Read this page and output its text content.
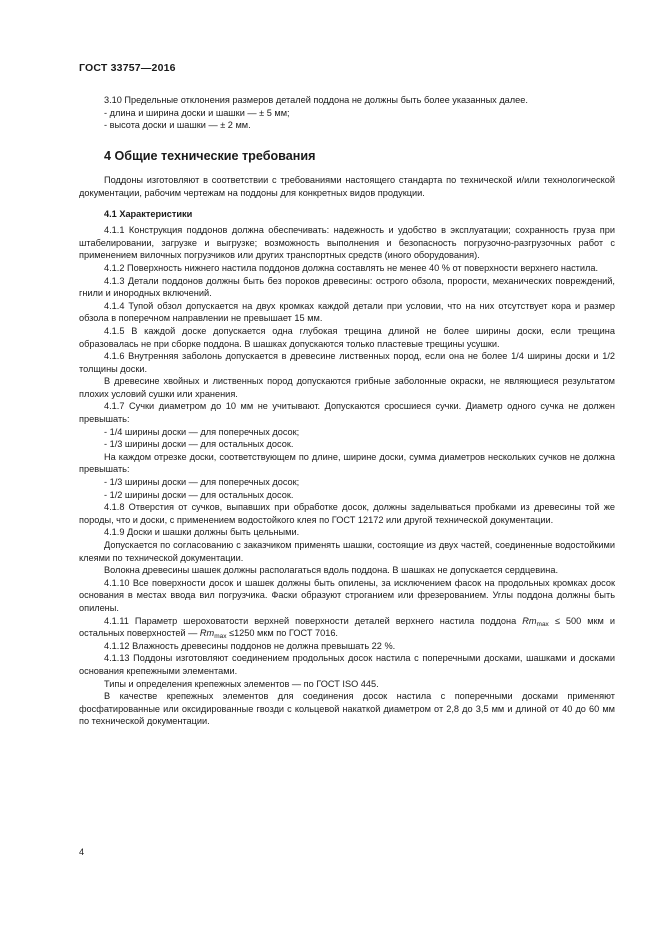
ГОСТ 33757—2016

3.10 Предельные отклонения размеров деталей поддона не должны быть более указанных далее.

- длина и ширина доски и шашки — ± 5 мм;

- высота доски и шашки — ± 2 мм.

4 Общие технические требования

Поддоны изготовляют в соответствии с требованиями настоящего стандарта по технической и/или технологической документации, рабочим чертежам на поддоны для конкретных видов продукции.

4.1 Характеристики

4.1.1 Конструкция поддонов должна обеспечивать: надежность и удобство в эксплуатации; сохранность груза при штабелировании, загрузке и выгрузке; возможность выполнения и безопасность погрузочно-разгрузочных работ с применением вилочных погрузчиков или других транспортных средств (иного оборудования).

4.1.2 Поверхность нижнего настила поддонов должна составлять не менее 40 % от поверхности верхнего настила.

4.1.3 Детали поддонов должны быть без пороков древесины: острого обзола, прорости, механических повреждений, гнили и инородных включений.

4.1.4 Тупой обзол допускается на двух кромках каждой детали при условии, что на них отсутствует кора и размер обзола в поперечном направлении не превышает 15 мм.

4.1.5 В каждой доске допускается одна глубокая трещина длиной не более ширины доски, если трещина образовалась не при сборке поддона. В шашках допускаются только пластевые трещины усушки.

4.1.6 Внутренняя заболонь допускается в древесине лиственных пород, если она не более 1/4 ширины доски и 1/2 толщины доски.

В древесине хвойных и лиственных пород допускаются грибные заболонные окраски, не являющиеся результатом плохих условий сушки или хранения.

4.1.7 Сучки диаметром до 10 мм не учитывают. Допускаются сросшиеся сучки. Диаметр одного сучка не должен превышать:

- 1/4 ширины доски — для поперечных досок;

- 1/3 ширины доски — для остальных досок.

На каждом отрезке доски, соответствующем по длине, ширине доски, сумма диаметров нескольких сучков не должна превышать:

- 1/3 ширины доски — для поперечных досок;

- 1/2 ширины доски — для остальных досок.

4.1.8 Отверстия от сучков, выпавших при обработке досок, должны заделываться пробками из древесины той же породы, что и доски, с применением водостойкого клея по ГОСТ 12172 или другой технической документации.

4.1.9 Доски и шашки должны быть цельными.

Допускается по согласованию с заказчиком применять шашки, состоящие из двух частей, соединенные водостойкими клеями по технической документации.

Волокна древесины шашек должны располагаться вдоль поддона. В шашках не допускается сердцевина.

4.1.10 Все поверхности досок и шашек должны быть опилены, за исключением фасок на продольных кромках досок основания в местах ввода вил погрузчика. Фаски образуют строганием или фрезерованием. Углы поддона должны быть опилены.

4.1.11 Параметр шероховатости верхней поверхности деталей верхнего настила поддона $Rm_{max} \le 500$ мкм и остальных поверхностей — $Rm_{max} \le 1250$ мкм по ГОСТ 7016.

4.1.12 Влажность древесины поддонов не должна превышать 22 %.

4.1.13 Поддоны изготовляют соединением продольных досок настила с поперечными досками, шашками и досками основания крепежными элементами.

Типы и определения крепежных элементов — по ГОСТ ISO 445.

В качестве крепежных элементов для соединения досок настила с поперечными досками применяют фосфатированные или оксидированные гвозди с кольцевой накаткой диаметром от 2,8 до 3,5 мм и длиной от 40 до 60 мм по технической документации.

4
